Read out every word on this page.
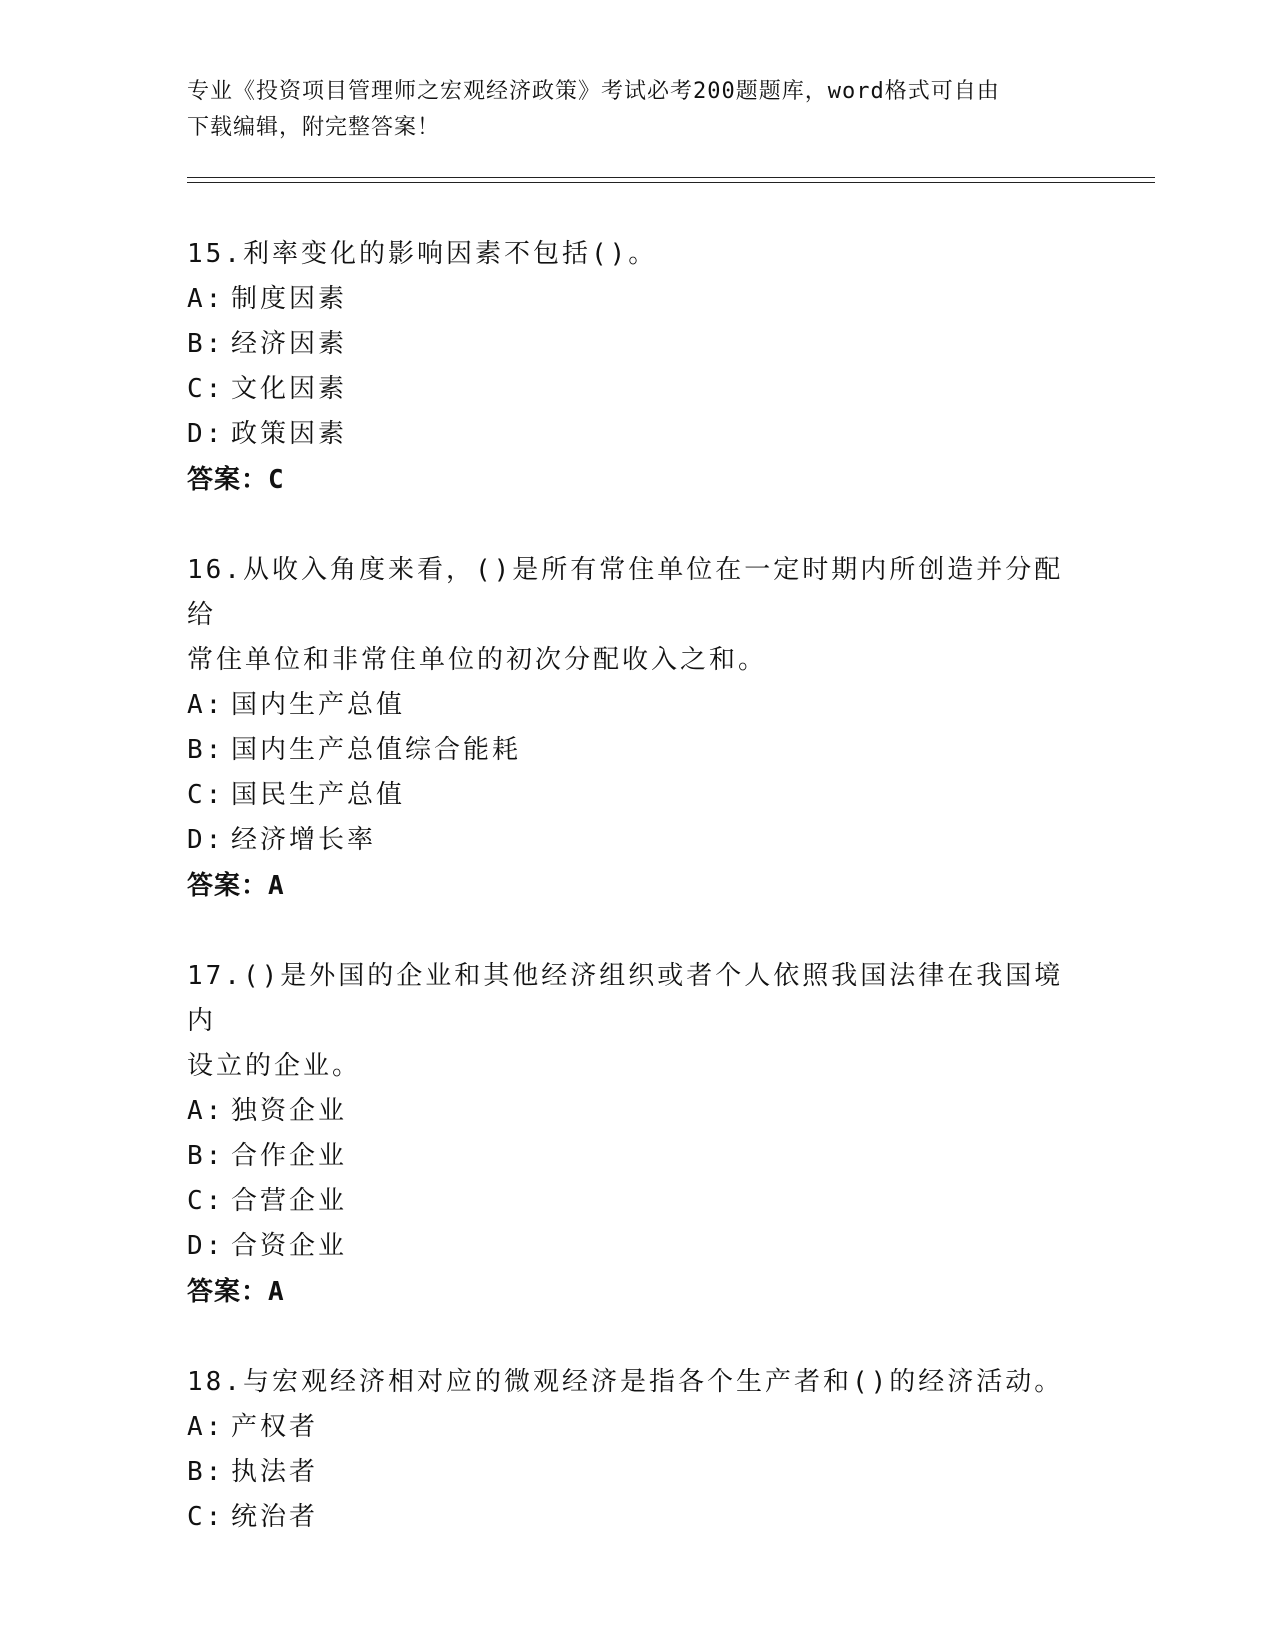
专业《投资项目管理师之宏观经济政策》考试必考200题题库，word格式可自由
下载编辑，附完整答案！
15.利率变化的影响因素不包括()。
A: 制度因素
B: 经济因素
C: 文化因素
D: 政策因素
答案：C
16.从收入角度来看，()是所有常住单位在一定时期内所创造并分配给
常住单位和非常住单位的初次分配收入之和。
A: 国内生产总值
B: 国内生产总值综合能耗
C: 国民生产总值
D: 经济增长率
答案：A
17.()是外国的企业和其他经济组织或者个人依照我国法律在我国境内
设立的企业。
A: 独资企业
B: 合作企业
C: 合营企业
D: 合资企业
答案：A
18.与宏观经济相对应的微观经济是指各个生产者和()的经济活动。
A: 产权者
B: 执法者
C: 统治者
